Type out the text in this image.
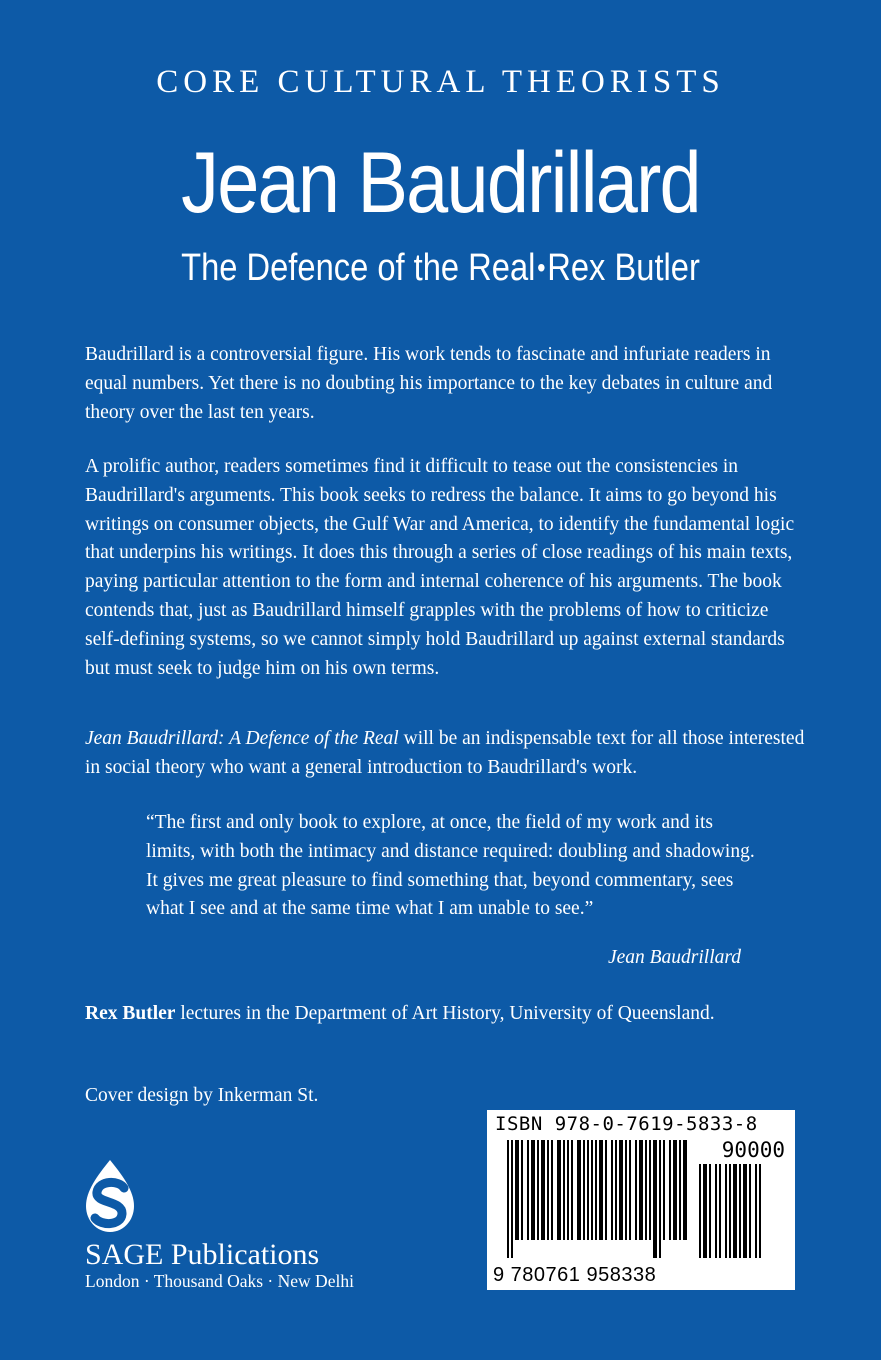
CORE CULTURAL THEORISTS
Jean Baudrillard
The Defence of the Real•Rex Butler

Baudrillard is a controversial figure. His work tends to fascinate and infuriate readers in equal numbers. Yet there is no doubting his importance to the key debates in culture and theory over the last ten years.

A prolific author, readers sometimes find it difficult to tease out the consistencies in Baudrillard's arguments. This book seeks to redress the balance. It aims to go beyond his writings on consumer objects, the Gulf War and America, to identify the fundamental logic that underpins his writings. It does this through a series of close readings of his main texts, paying particular attention to the form and internal coherence of his arguments. The book contends that, just as Baudrillard himself grapples with the problems of how to criticize self-defining systems, so we cannot simply hold Baudrillard up against external standards but must seek to judge him on his own terms.

Jean Baudrillard: A Defence of the Real will be an indispensable text for all those interested in social theory who want a general introduction to Baudrillard's work.

“The first and only book to explore, at once, the field of my work and its limits, with both the intimacy and distance required: doubling and shadowing. It gives me great pleasure to find something that, beyond commentary, sees what I see and at the same time what I am unable to see.”

Jean Baudrillard
Rex Butler lectures in the Department of Art History, University of Queensland.
Cover design by Inkerman St.
SAGE Publications
London · Thousand Oaks · New Delhi
ISBN 978-0-7619-5833-8
90000
9 780761 958338
